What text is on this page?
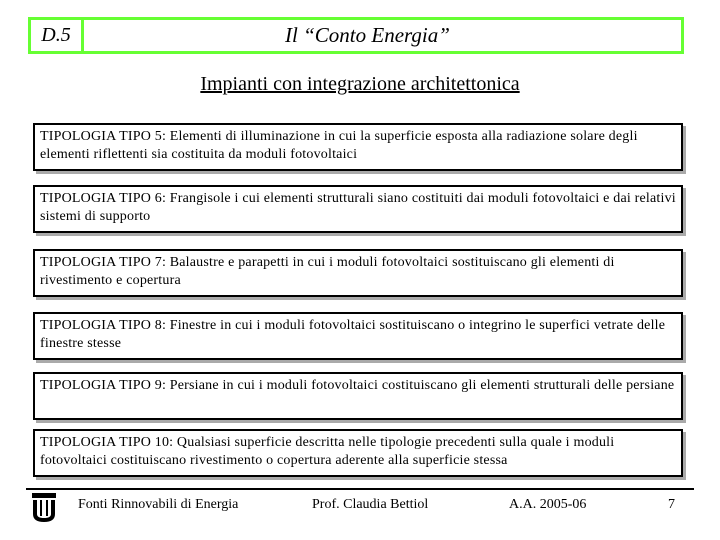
D.5	Il “Conto Energia”
Impianti con integrazione architettonica
TIPOLOGIA TIPO 5: Elementi di illuminazione in cui la superficie esposta alla radiazione solare degli elementi riflettenti sia costituita da moduli fotovoltaici
TIPOLOGIA TIPO 6: Frangisole i cui elementi strutturali siano costituiti dai moduli fotovoltaici e dai relativi sistemi di supporto
TIPOLOGIA TIPO 7: Balaustre e parapetti in cui i moduli fotovoltaici sostituiscano gli elementi di rivestimento e copertura
TIPOLOGIA TIPO 8: Finestre in cui i moduli fotovoltaici sostituiscano o integrino le superfici vetrate delle finestre stesse
TIPOLOGIA TIPO 9: Persiane in cui i moduli fotovoltaici costituiscano gli elementi strutturali delle persiane
TIPOLOGIA TIPO 10: Qualsiasi superficie descritta nelle tipologie precedenti sulla quale i moduli fotovoltaici costituiscano rivestimento o copertura aderente alla superficie stessa
Fonti Rinnovabili di Energia	Prof. Claudia Bettiol	A.A. 2005-06	7
